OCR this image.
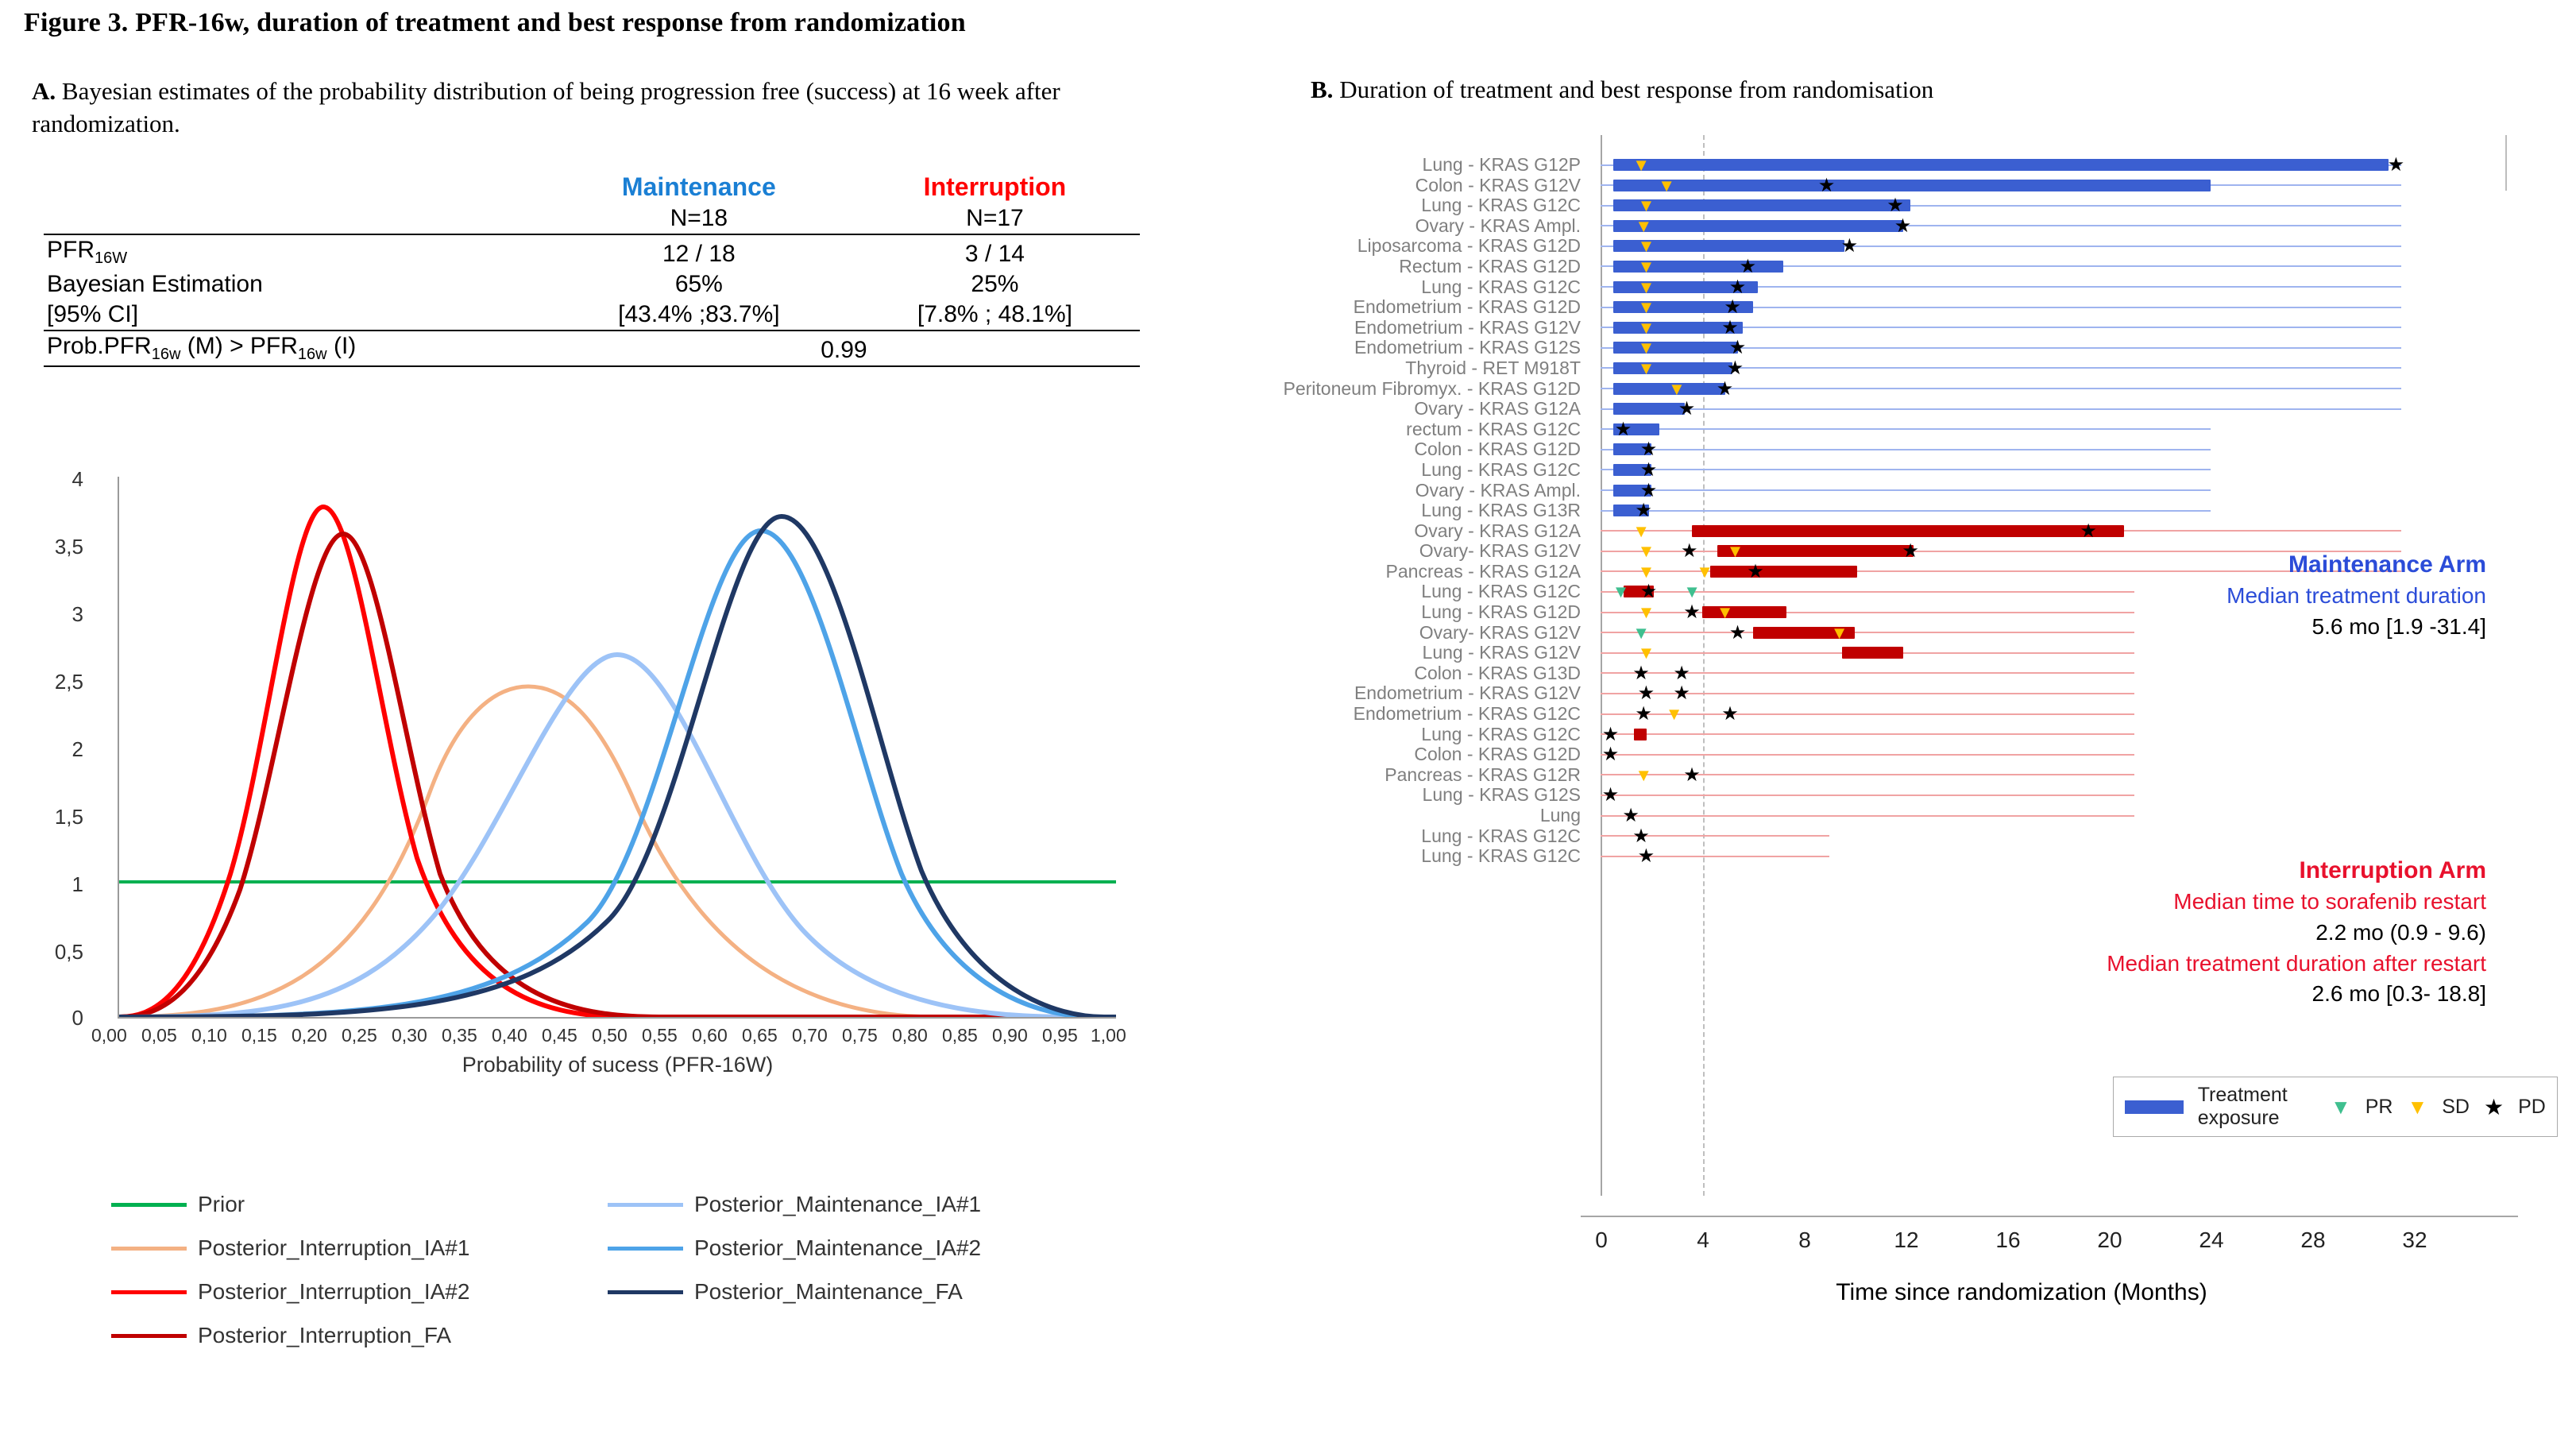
Figure 3. PFR-16w, duration of treatment and best response from randomization
A. Bayesian estimates of the probability distribution of being progression free (success) at 16 week after randomization.
B. Duration of treatment and best response from randomisation
	Maintenance	Interruption
	N=18	N=17
$PFR_{16W}$	12 / 18	3 / 14
Bayesian Estimation	65%	25%
[95% CI]	[43.4% ;83.7%]	[7.8% ; 48.1%]
$Prob.PFR_{16w}$ $(M) > PFR_{16w}$ (I)	0.99	
4
3,5
3
2,5
2
1,5
1
0,5
0
0,00 0,05 0,10 0,15 0,20 0,25 0,30 0,35 0,40 0,45 0,50 0,55 0,60 0,65 0,70 0,75 0,80 0,85 0,90 0,95 1,00
Probability of sucess (PFR-16W)
Prior
Posterior_Interruption_IA#1
Posterior_Interruption_IA#2
Posterior_Interruption_FA
Posterior_Maintenance_IA#1
Posterior_Maintenance_IA#2
Posterior_Maintenance_FA
Lung - KRAS G12P	▼	★
Colon - KRAS G12V	▼	★
Lung - KRAS G12C	▼	★
Ovary - KRAS Ampl.	▼	★
Liposarcoma - KRAS G12D	▼	★
Rectum - KRAS G12D	▼	★
Lung - KRAS G12C	▼	★
Endometrium - KRAS G12D	▼	★
Endometrium - KRAS G12V	▼	★
Endometrium - KRAS G12S	▼	★
Thyroid - RET M918T	▼	★
Peritoneum Fibromyx. - KRAS G12D	▼ ★
Ovary - KRAS G12A	★
rectum - KRAS G12C ★
Colon - KRAS G12D	★
Lung - KRAS G12C	★
Ovary - KRAS Ampl.	★
Lung - KRAS G13R	★
Ovary - KRAS G12A	▼	★
Ovary- KRAS G12V	▼ ★ ▼	★
Pancreas - KRAS G12A	▼ ▼ ★
Lung - KRAS G12C ▼ ★ ▼
Lung - KRAS G12D	▼ ★ ▼
Ovary- KRAS G12V	▼	★	▼
Lung - KRAS G12V	▼
Colon - KRAS G13D	★ ★
Endometrium - KRAS G12V	★ ★
Endometrium - KRAS G12C	★ ▼ ★
Lung - KRAS G12C ★
Colon - KRAS G12D ★
Pancreas - KRAS G12R	▼ ★
Lung - KRAS G12S ★
Lung ★
Lung - KRAS G12C	★
Lung - KRAS G12C	★
0	4	8	12	16	20	24	28	32
Time since randomization (Months)
Maintenance Arm
Median treatment duration
5.6 mo [1.9 -31.4]
Interruption Arm
Median time to sorafenib restart
2.2 mo (0.9 - 9.6)
Median treatment duration after restart
2.6 mo [0.3- 18.8]
Treatment exposure	▼ PR ▼ SD ★ PD
